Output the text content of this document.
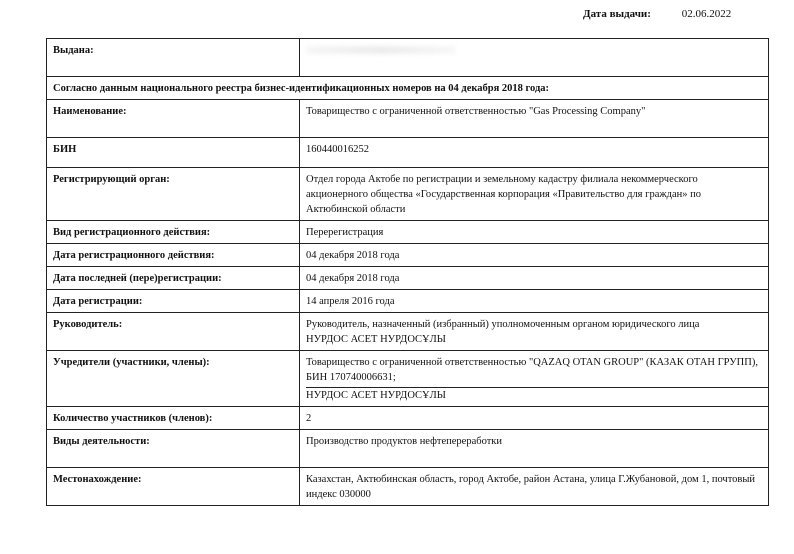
Дата выдачи:	02.06.2022
Выдана:	
Согласно данным национального реестра бизнес-идентификационных номеров на 04 декабря 2018 года:	
Наименование:	Товарищество с ограниченной ответственностью "Gas Processing Company"
БИН	160440016252
Регистрирующий орган:	Отдел города Актобе по регистрации и земельному кадастру филиала некоммерческого акционерного общества «Государственная корпорация «Правительство для граждан» по Актюбинской области
Вид регистрационного действия:	Перерегистрация
Дата регистрационного действия:	04 декабря 2018 года
Дата последней (пере)регистрации:	04 декабря 2018 года
Дата регистрации:	14 апреля 2016 года
Руководитель:	Руководитель, назначенный (избранный) уполномоченным органом юридического лица
НУРДОС АСЕТ НУРДОСҰЛЫ

Учредители (участники, члены):	Товарищество с ограниченной ответственностью "QAZAQ OTAN GROUP" (КАЗАК ОТАН ГРУПП), БИН 170740006631;
НУРДОС АСЕТ НУРДОСҰЛЫ

Количество участников (членов):	2
Виды деятельности:	Производство продуктов нефтепереработки
Местонахождение:	Казахстан, Актюбинская область, город Актобе, район Астана, улица Г.Жубановой, дом 1, почтовый индекс 030000
